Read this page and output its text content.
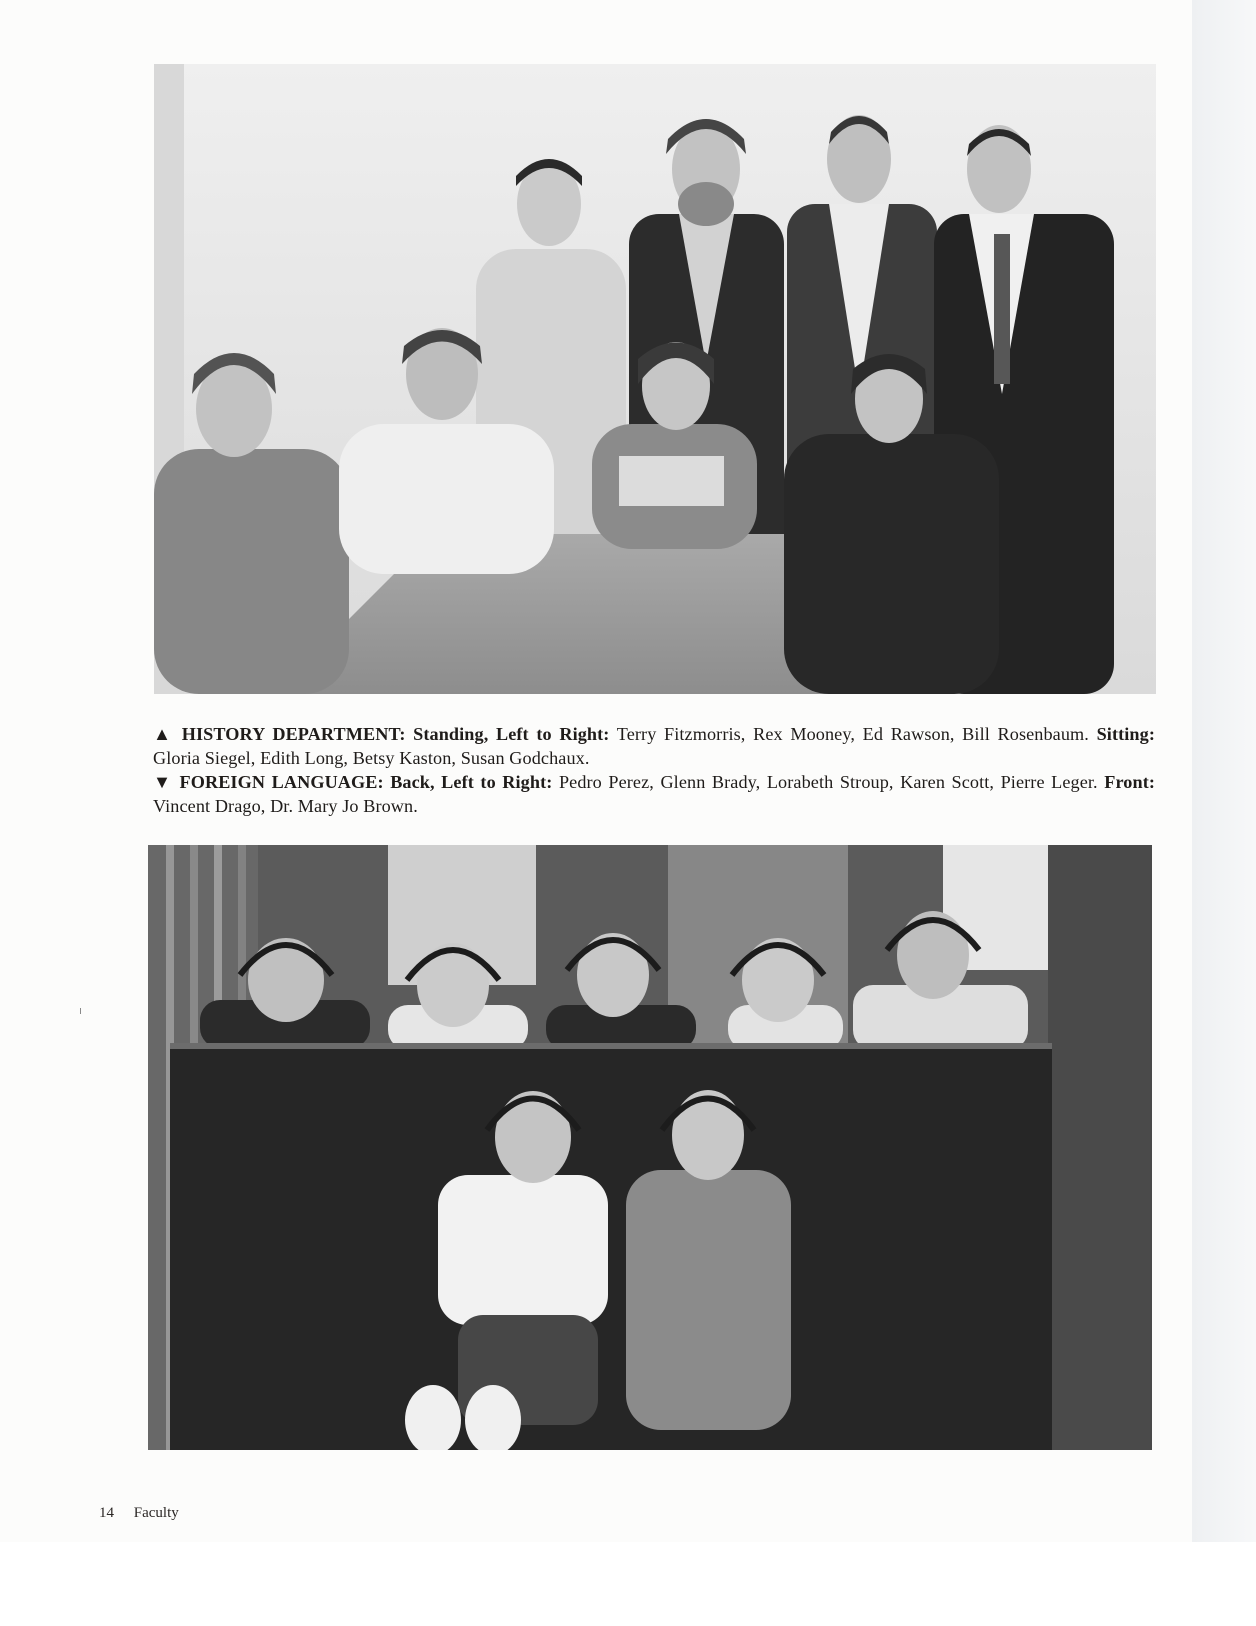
▲ HISTORY DEPARTMENT: Standing, Left to Right: Terry Fitzmorris, Rex Mooney, Ed Rawson, Bill Rosenbaum. Sitting: Gloria Siegel, Edith Long, Betsy Kaston, Susan Godchaux.

▼ FOREIGN LANGUAGE: Back, Left to Right: Pedro Perez, Glenn Brady, Lorabeth Stroup, Karen Scott, Pierre Leger. Front: Vincent Drago, Dr. Mary Jo Brown.

14 Faculty
